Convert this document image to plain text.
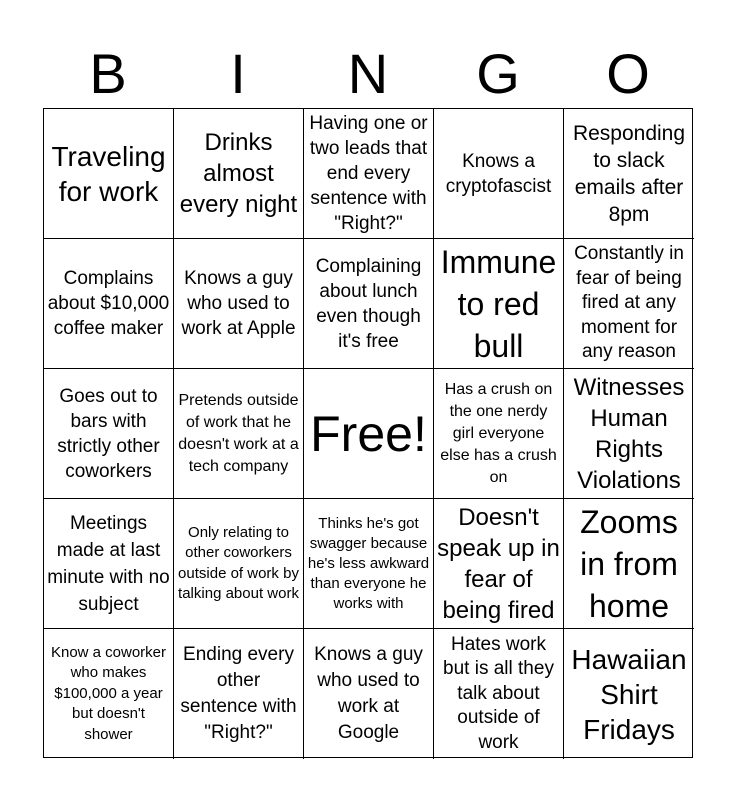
B	I	N	G	O
Traveling for work
Drinks almost every night
Having one or two leads that end every sentence with "Right?"
Knows a cryptofascist
Responding to slack emails after 8pm
Complains about $10,000 coffee maker
Knows a guy who used to work at Apple
Complaining about lunch even though it's free
Immune to red bull
Constantly in fear of being fired at any moment for any reason
Goes out to bars with strictly other coworkers
Pretends outside of work that he doesn't work at a tech company
Free!
Has a crush on the one nerdy girl everyone else has a crush on
Witnesses Human Rights Violations
Meetings made at last minute with no subject
Only relating to other coworkers outside of work by talking about work
Thinks he's got swagger because he's less awkward than everyone he works with
Doesn't speak up in fear of being fired
Zooms in from home
Know a coworker who makes $100,000 a year but doesn't shower
Ending every other sentence with "Right?"
Knows a guy who used to work at Google
Hates work but is all they talk about outside of work
Hawaiian Shirt Fridays
